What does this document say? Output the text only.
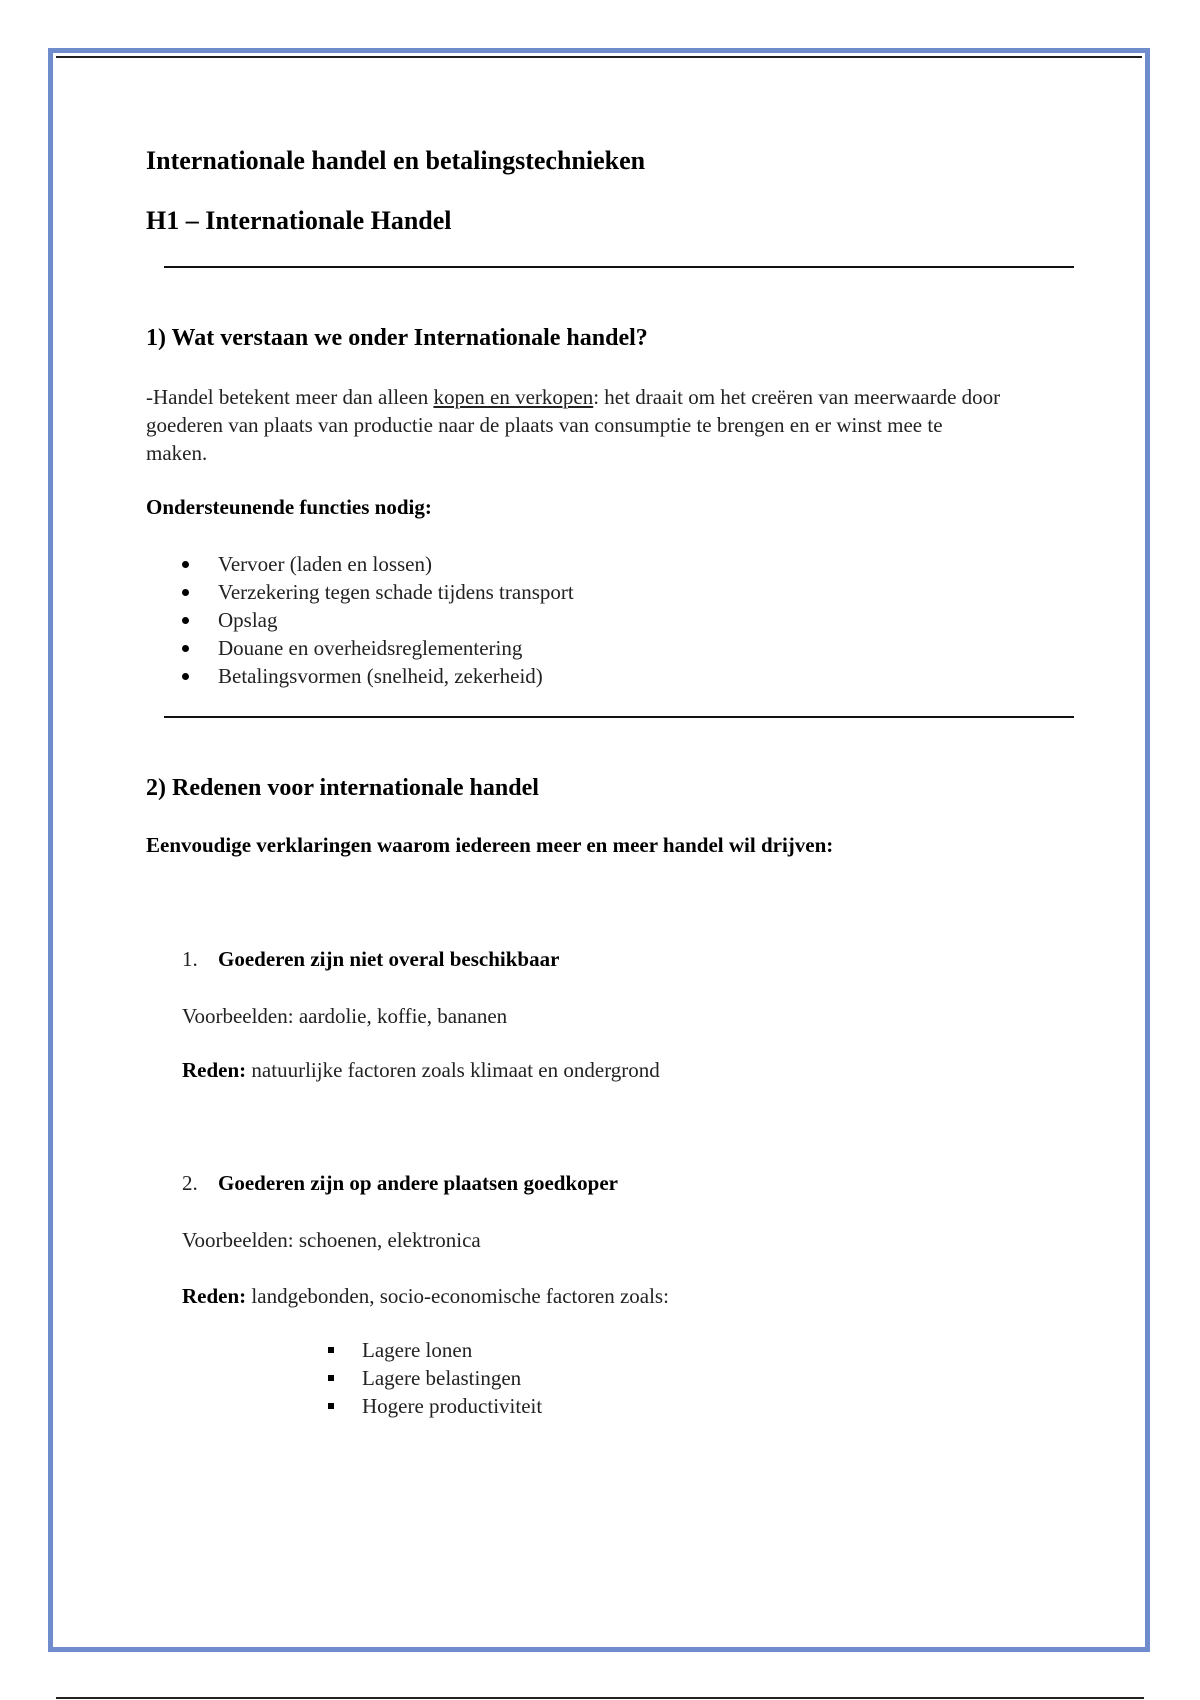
Internationale handel en betalingstechnieken
H1 – Internationale Handel
1) Wat verstaan we onder Internationale handel?
-Handel betekent meer dan alleen kopen en verkopen: het draait om het creëren van meerwaarde door goederen van plaats van productie naar de plaats van consumptie te brengen en er winst mee te maken.
Ondersteunende functies nodig:
Vervoer (laden en lossen)
Verzekering tegen schade tijdens transport
Opslag
Douane en overheidsreglementering
Betalingsvormen (snelheid, zekerheid)
2) Redenen voor internationale handel
Eenvoudige verklaringen waarom iedereen meer en meer handel wil drijven:
1. Goederen zijn niet overal beschikbaar
Voorbeelden: aardolie, koffie, bananen
Reden: natuurlijke factoren zoals klimaat en ondergrond
2. Goederen zijn op andere plaatsen goedkoper
Voorbeelden: schoenen, elektronica
Reden: landgebonden, socio-economische factoren zoals:
Lagere lonen
Lagere belastingen
Hogere productiviteit
